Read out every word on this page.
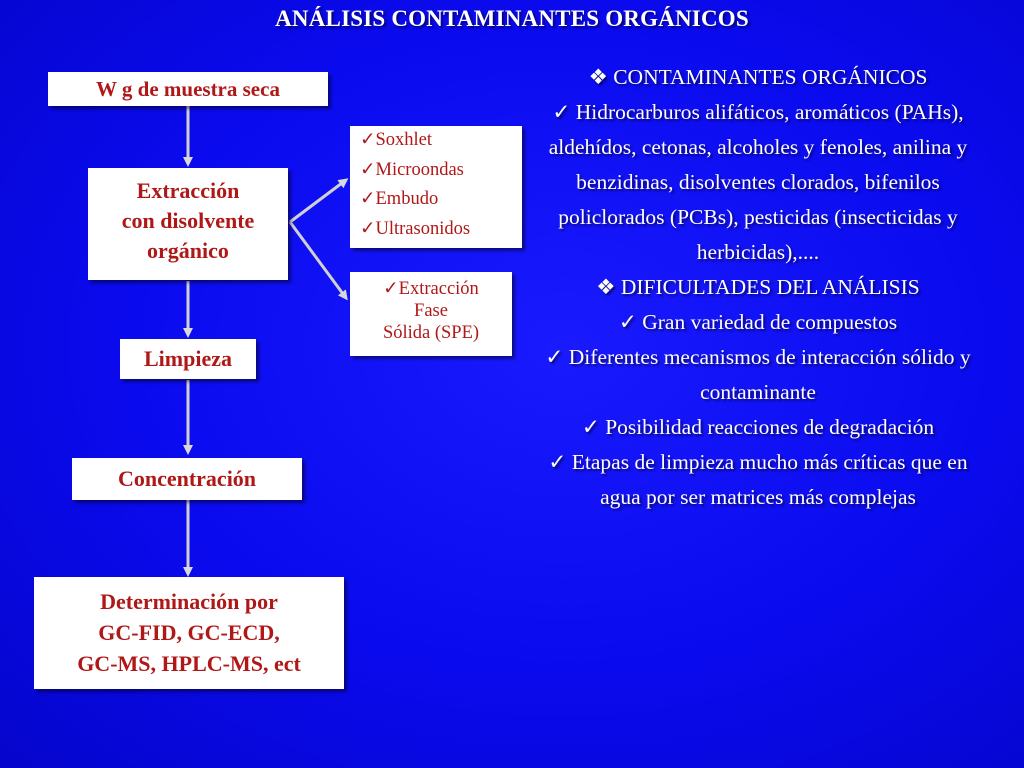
ANÁLISIS CONTAMINANTES ORGÁNICOS
W g de muestra seca
Extracción
con disolvente
orgánico
✓Soxhlet
✓Microondas
✓Embudo
✓Ultrasonidos
✓Extracción
Fase
Sólida (SPE)
Limpieza
Concentración
Determinación por
GC-FID, GC-ECD,
GC-MS, HPLC-MS, ect

❖ CONTAMINANTES ORGÁNICOS

✓ Hidrocarburos alifáticos, aromáticos (PAHs), aldehídos, cetonas, alcoholes y fenoles, anilina y benzidinas, disolventes clorados, bifenilos policlorados (PCBs), pesticidas (insecticidas y herbicidas),....

❖ DIFICULTADES DEL ANÁLISIS

✓ Gran variedad de compuestos

✓ Diferentes mecanismos de interacción sólido y contaminante

✓ Posibilidad reacciones de degradación

✓ Etapas de limpieza mucho más críticas que en agua por ser matrices más complejas
